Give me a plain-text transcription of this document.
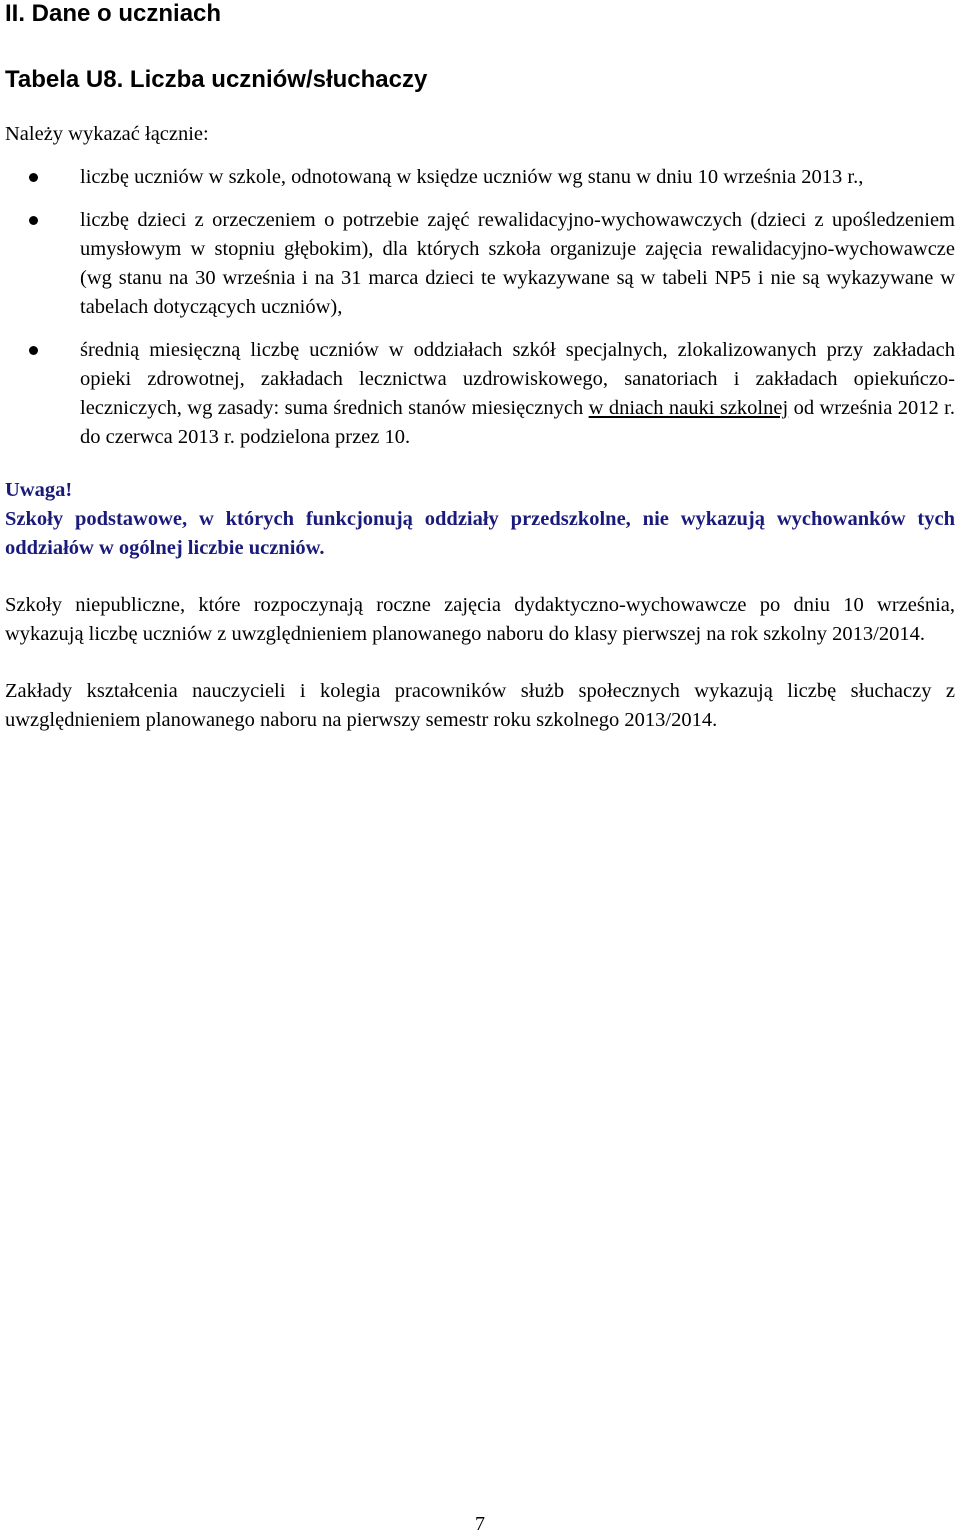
II. Dane o uczniach
Tabela U8. Liczba uczniów/słuchaczy

Należy wykazać łącznie:

liczbę uczniów w szkole, odnotowaną w księdze uczniów wg stanu w dniu 10 września 2013 r.,
liczbę dzieci z orzeczeniem o potrzebie zajęć rewalidacyjno-wychowawczych (dzieci z upośledzeniem umysłowym w stopniu głębokim), dla których szkoła organizuje zajęcia rewalidacyjno-wychowawcze (wg stanu na 30 września i na 31 marca dzieci te wykazywane są w tabeli NP5 i nie są wykazywane w tabelach dotyczących uczniów),
średnią miesięczną liczbę uczniów w oddziałach szkół specjalnych, zlokalizowanych przy zakładach opieki zdrowotnej, zakładach lecznictwa uzdrowiskowego, sanatoriach i zakładach opiekuńczo-leczniczych, wg zasady: suma średnich stanów miesięcznych w dniach nauki szkolnej od września 2012 r. do czerwca 2013 r. podzielona przez 10.

Uwaga!

Szkoły podstawowe, w których funkcjonują oddziały przedszkolne, nie wykazują wychowanków tych oddziałów w ogólnej liczbie uczniów.

Szkoły niepubliczne, które rozpoczynają roczne zajęcia dydaktyczno-wychowawcze po dniu 10 września, wykazują liczbę uczniów z uwzględnieniem planowanego naboru do klasy pierwszej na rok szkolny 2013/2014.

Zakłady kształcenia nauczycieli i kolegia pracowników służb społecznych wykazują liczbę słuchaczy z uwzględnieniem planowanego naboru na pierwszy semestr roku szkolnego 2013/2014.

7
